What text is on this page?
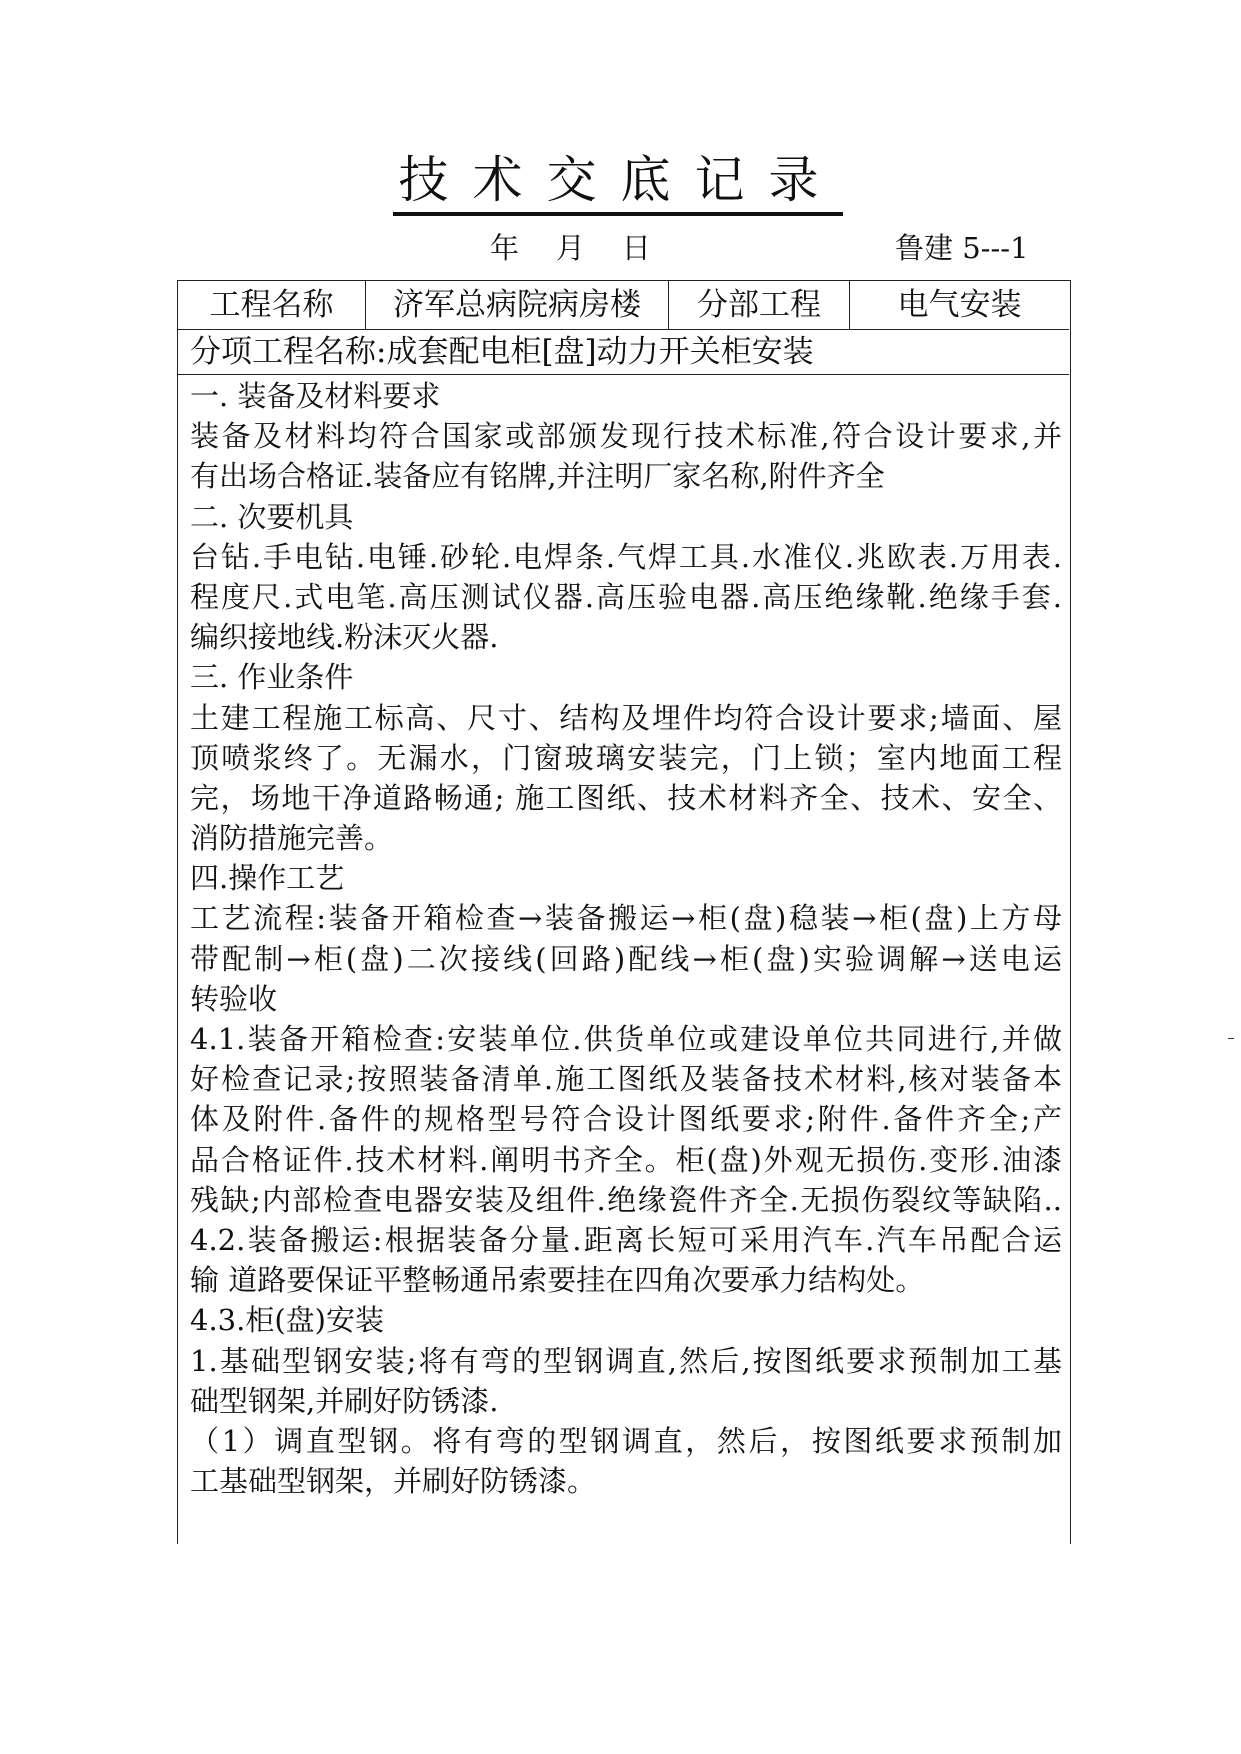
技术交底记录
年    月    日	鲁建 5---1
工程名称	济军总病院病房楼	分部工程	电气安装
分项工程名称:成套配电柜[盘]动力开关柜安装
一. 装备及材料要求
装备及材料均符合国家或部颁发现行技术标准,符合设计要求,并
有出场合格证.装备应有铭牌,并注明厂家名称,附件齐全
二. 次要机具
台钻.手电钻.电锤.砂轮.电焊条.气焊工具.水准仪.兆欧表.万用表.
程度尺.式电笔.高压测试仪器.高压验电器.高压绝缘靴.绝缘手套.
编织接地线.粉沫灭火器.
三. 作业条件
土建工程施工标高、尺寸、结构及埋件均符合设计要求;墙面、屋
顶喷浆终了。无漏水，门窗玻璃安装完，门上锁；室内地面工程
完，场地干净道路畅通; 施工图纸、技术材料齐全、技术、安全、
消防措施完善。
四.操作工艺
工艺流程:装备开箱检查→装备搬运→柜(盘)稳装→柜(盘)上方母
带配制→柜(盘)二次接线(回路)配线→柜(盘)实验调解→送电运
转验收
4.1.装备开箱检查:安装单位.供货单位或建设单位共同进行,并做
好检查记录;按照装备清单.施工图纸及装备技术材料,核对装备本
体及附件.备件的规格型号符合设计图纸要求;附件.备件齐全;产
品合格证件.技术材料.阐明书齐全。柜(盘)外观无损伤.变形.油漆
残缺;内部检查电器安装及组件.绝缘瓷件齐全.无损伤裂纹等缺陷..
4.2.装备搬运:根据装备分量.距离长短可采用汽车.汽车吊配合运
输 道路要保证平整畅通吊索要挂在四角次要承力结构处。
4.3.柜(盘)安装
1.基础型钢安装;将有弯的型钢调直,然后,按图纸要求预制加工基
础型钢架,并刷好防锈漆.
（1）调直型钢。将有弯的型钢调直，然后，按图纸要求预制加
工基础型钢架，并刷好防锈漆。
